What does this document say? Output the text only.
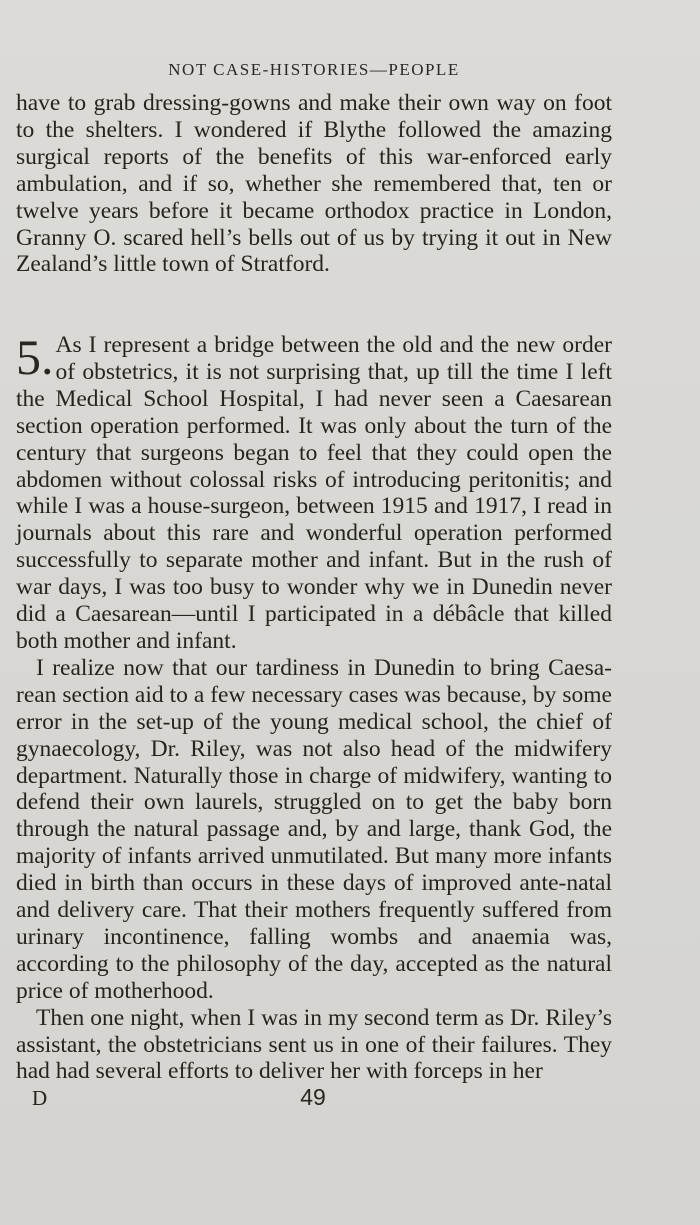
NOT CASE-HISTORIES—PEOPLE

have to grab dressing-gowns and make their own way on foot to the shelters. I wondered if Blythe followed the amazing surgical reports of the benefits of this war-enforced early ambulation, and if so, whether she remembered that, ten or twelve years before it became orthodox practice in London, Granny O. scared hell’s bells out of us by trying it out in New Zealand’s little town of Stratford.

5. As I represent a bridge between the old and the new order of obstetrics, it is not surprising that, up till the time I left the Medical School Hospital, I had never seen a Caesarean section operation performed. It was only about the turn of the century that surgeons began to feel that they could open the abdomen without colossal risks of introducing peritonitis; and while I was a house-surgeon, between 1915 and 1917, I read in journals about this rare and wonderful operation performed successfully to separate mother and infant. But in the rush of war days, I was too busy to wonder why we in Dunedin never did a Caesarean—until I participated in a débâcle that killed both mother and infant.

I realize now that our tardiness in Dunedin to bring Caesa-rean section aid to a few necessary cases was because, by some error in the set-up of the young medical school, the chief of gynaecology, Dr. Riley, was not also head of the midwifery department. Naturally those in charge of midwifery, wanting to defend their own laurels, struggled on to get the baby born through the natural passage and, by and large, thank God, the majority of infants arrived unmutilated. But many more infants died in birth than occurs in these days of improved ante-natal and delivery care. That their mothers frequently suffered from urinary incontinence, falling wombs and anaemia was, according to the philosophy of the day, accepted as the natural price of motherhood.

Then one night, when I was in my second term as Dr. Riley’s assistant, the obstetricians sent us in one of their failures. They had had several efforts to deliver her with forceps in her

D	49
